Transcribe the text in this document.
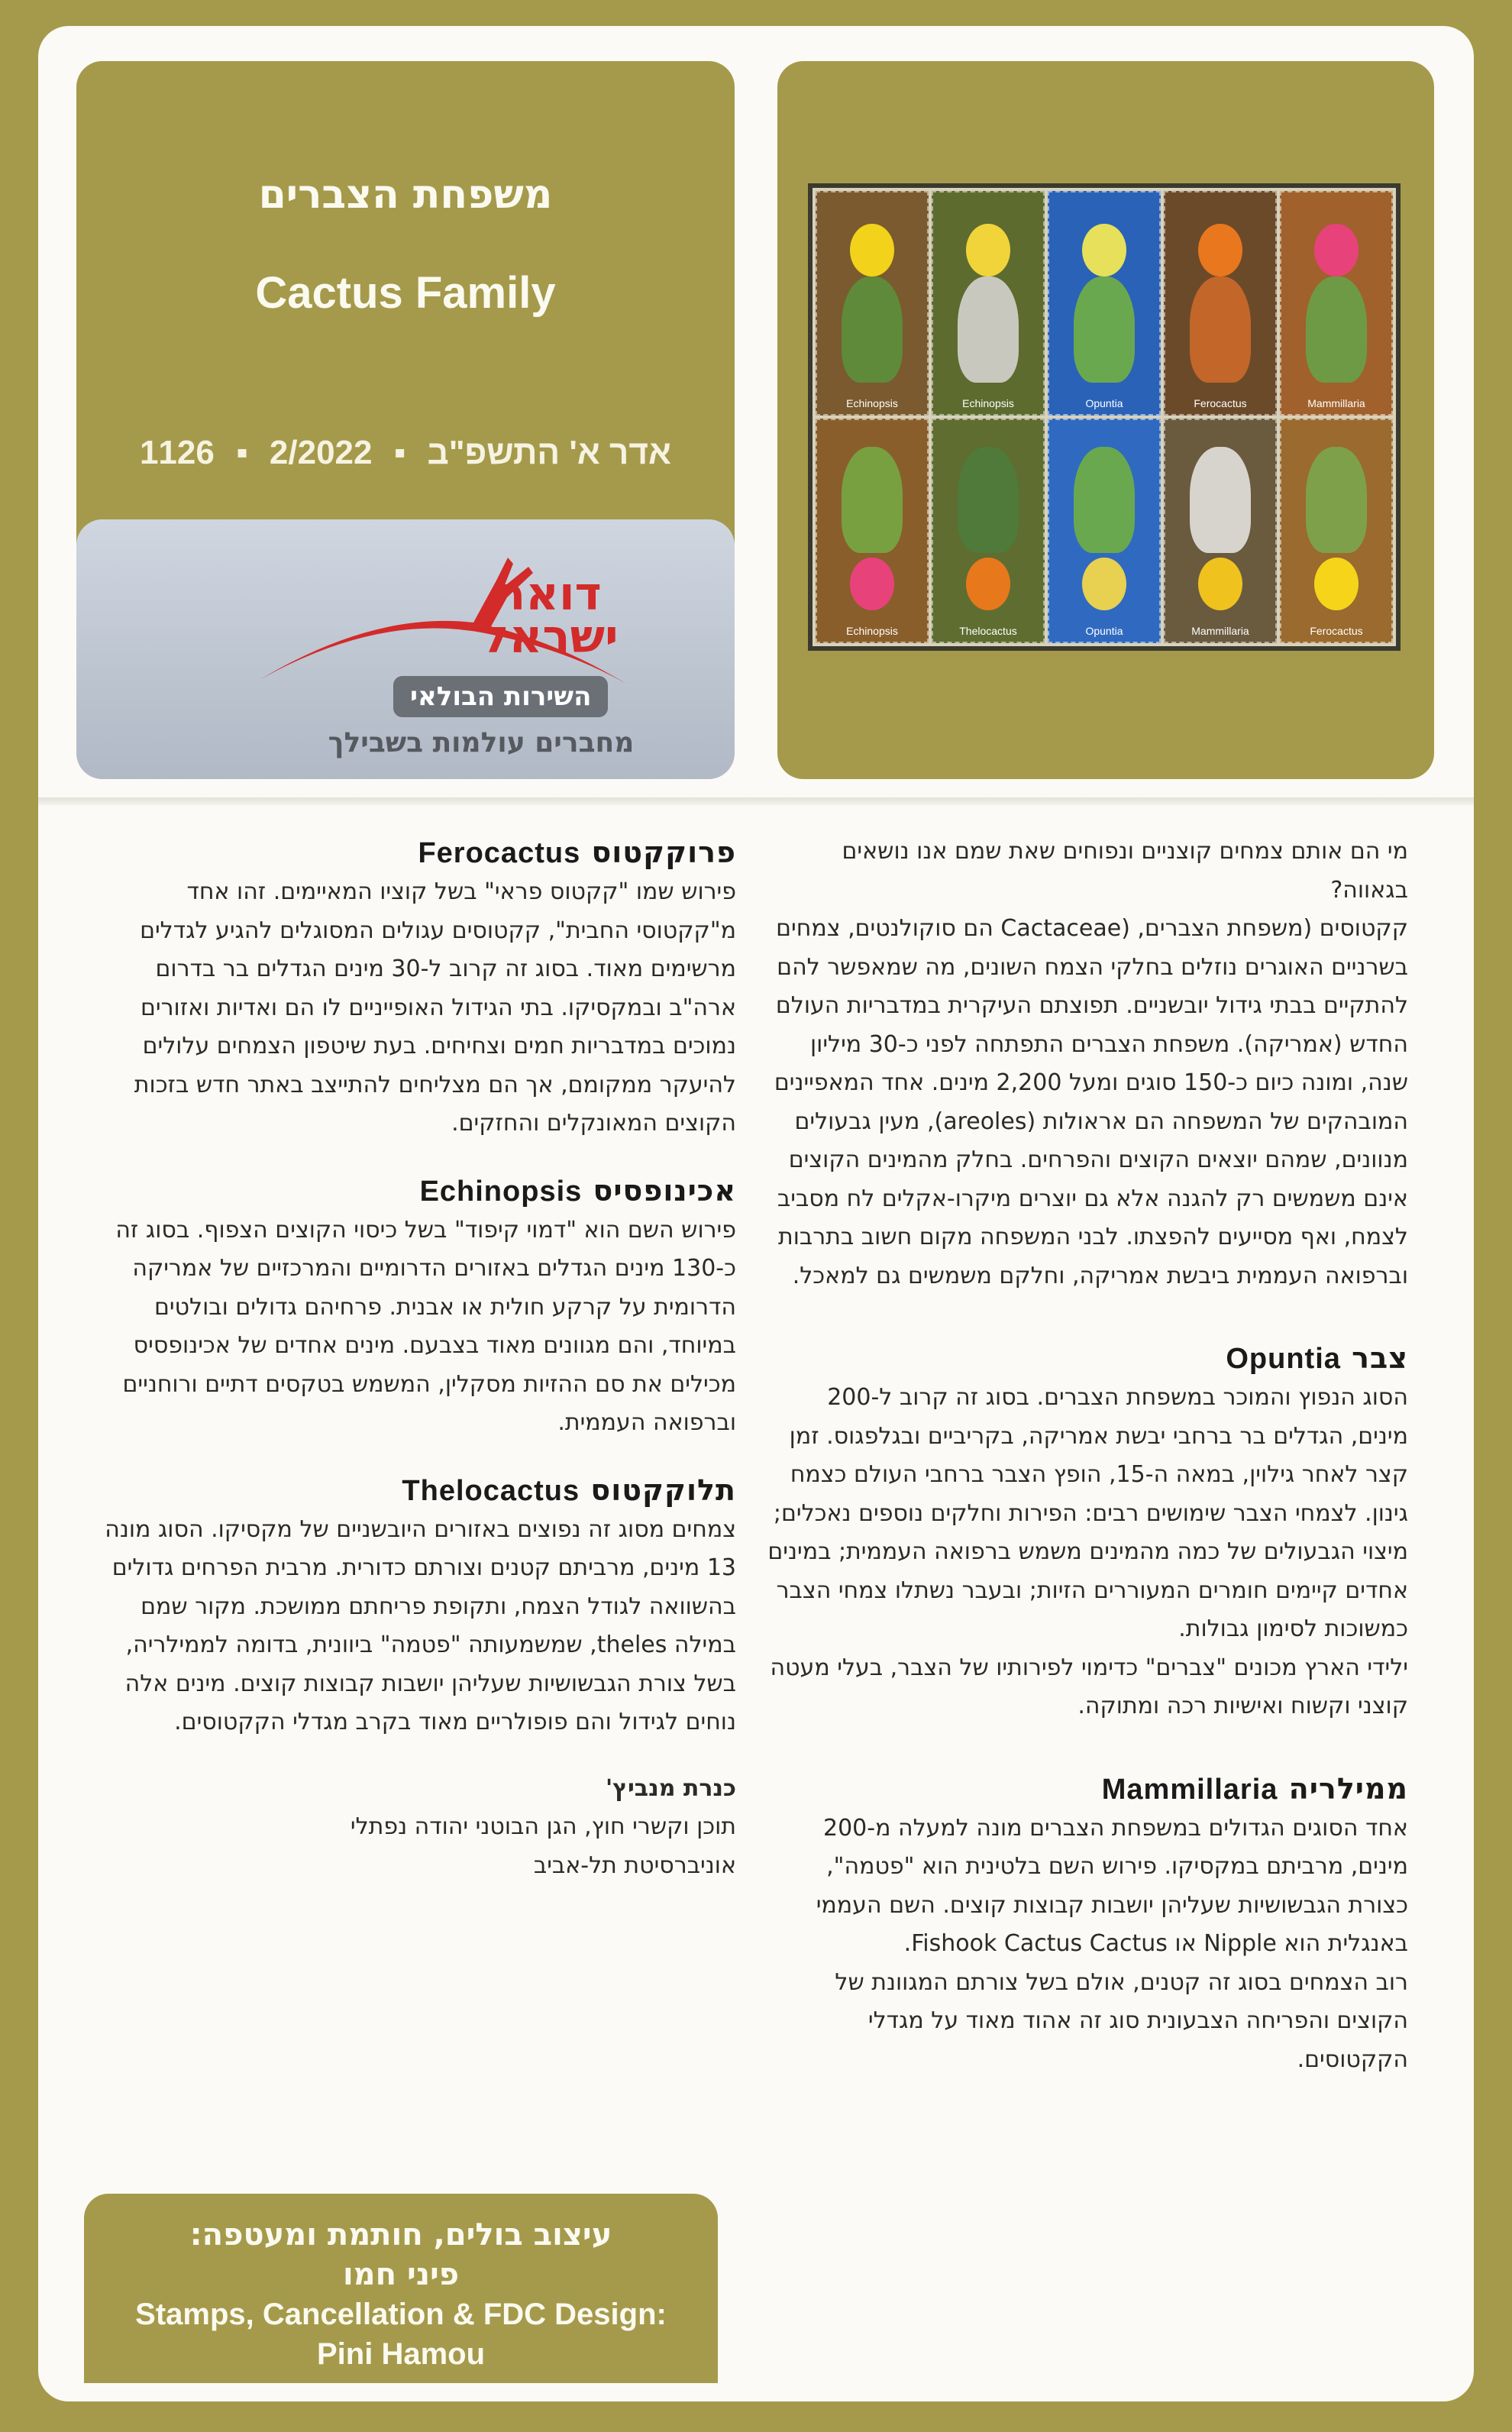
משפחת הצברים
Cactus Family
1126 ▪ 2/2022 ▪ אדר א' התשפ"ב
דואר
ישראל
השירות הבולאי
מחברים עולמות בשבילך
Echinopsis	Echinopsis	Opuntia	Ferocactus	Mammillaria
Echinopsis	Thelocactus	Opuntia	Mammillaria	Ferocactus

מי הם אותם צמחים קוצניים ונפוחים שאת שמם אנו נושאים בגאווה?

קקטוסים (משפחת הצברים, (Cactaceae הם סוקולנטים, צמחים בשרניים האוגרים נוזלים בחלקי הצמח השונים, מה שמאפשר להם להתקיים בבתי גידול יובשניים. תפוצתם העיקרית במדבריות העולם החדש (אמריקה). משפחת הצברים התפתחה לפני כ-30 מיליון שנה, ומונה כיום כ-150 סוגים ומעל 2,200 מינים. אחד המאפיינים המובהקים של המשפחה הם אראולות (areoles), מעין גבעולים מנוונים, שמהם יוצאים הקוצים והפרחים. בחלק מהמינים הקוצים אינם משמשים רק להגנה אלא גם יוצרים מיקרו-אקלים לח מסביב לצמח, ואף מסייעים להפצתו. לבני המשפחה מקום חשוב בתרבות וברפואה העממית ביבשת אמריקה, וחלקם משמשים גם למאכל.

צבר Opuntia

הסוג הנפוץ והמוכר במשפחת הצברים. בסוג זה קרוב ל-200 מינים, הגדלים בר ברחבי יבשת אמריקה, בקריביים ובגלפגוס. זמן קצר לאחר גילוין, במאה ה-15, הופץ הצבר ברחבי העולם כצמח גינון. לצמחי הצבר שימושים רבים: הפירות וחלקים נוספים נאכלים; מיצוי הגבעולים של כמה מהמינים משמש ברפואה העממית; במינים אחדים קיימים חומרים המעוררים הזיות; ובעבר נשתלו צמחי הצבר כמשוכות לסימון גבולות.

ילידי הארץ מכונים "צברים" כדימוי לפירותיו של הצבר, בעלי מעטה קוצני וקשוח ואישיות רכה ומתוקה.

ממילריה Mammillaria

אחד הסוגים הגדולים במשפחת הצברים מונה למעלה מ-200 מינים, מרביתם במקסיקו. פירוש השם בלטינית הוא "פטמה", כצורת הגבשושיות שעליהן יושבות קבוצות קוצים. השם העממי באנגלית הוא Nipple או Fishook Cactus Cactus.

רוב הצמחים בסוג זה קטנים, אולם בשל צורתם המגוונת של הקוצים והפריחה הצבעונית סוג זה אהוד מאוד על מגדלי הקקטוסים.

פרוקקטוס Ferocactus

פירוש שמו "קקטוס פראי" בשל קוציו המאיימים. זהו אחד מ"קקטוסי החבית", קקטוסים עגולים המסוגלים להגיע לגדלים מרשימים מאוד. בסוג זה קרוב ל-30 מינים הגדלים בר בדרום ארה"ב ובמקסיקו. בתי הגידול האופייניים לו הם ואדיות ואזורים נמוכים במדבריות חמים וצחיחים. בעת שיטפון הצמחים עלולים להיעקר ממקומם, אך הם מצליחים להתייצב באתר חדש בזכות הקוצים המאונקלים והחזקים.

אכינופסיס Echinopsis

פירוש השם הוא "דמוי קיפוד" בשל כיסוי הקוצים הצפוף. בסוג זה כ-130 מינים הגדלים באזורים הדרומיים והמרכזיים של אמריקה הדרומית על קרקע חולית או אבנית. פרחיהם גדולים ובולטים במיוחד, והם מגוונים מאוד בצבעם. מינים אחדים של אכינופסיס מכילים את סם ההזיות מסקלין, המשמש בטקסים דתיים ורוחניים וברפואה העממית.

תלוקקטוס Thelocactus

צמחים מסוג זה נפוצים באזורים היובשניים של מקסיקו. הסוג מונה 13 מינים, מרביתם קטנים וצורתם כדורית. מרבית הפרחים גדולים בהשוואה לגודל הצמח, ותקופת פריחתם ממושכת. מקור שמם במילה theles, שמשמעותה "פטמה" ביוונית, בדומה לממילריה, בשל צורת הגבשושיות שעליהן יושבות קבוצות קוצים. מינים אלה נוחים לגידול והם פופולריים מאוד בקרב מגדלי הקקטוסים.

כנרת מנביץ'

תוכן וקשרי חוץ, הגן הבוטני יהודה נפתלי

אוניברסיטת תל-אביב

עיצוב בולים, חותמת ומעטפה:
פיני חמו
Stamps, Cancellation & FDC Design:
Pini Hamou
